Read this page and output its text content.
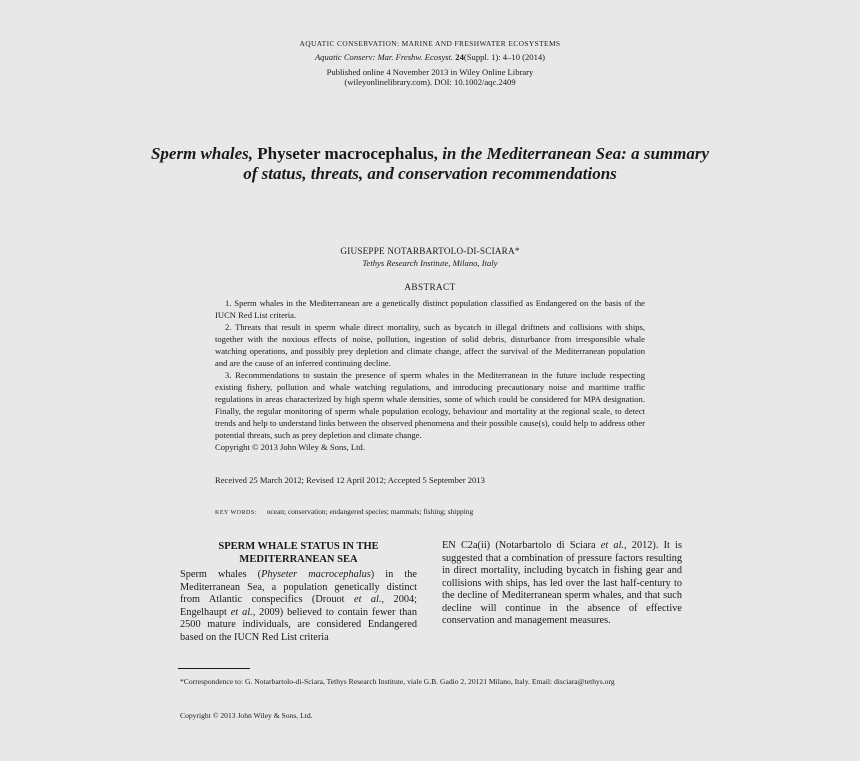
AQUATIC CONSERVATION: MARINE AND FRESHWATER ECOSYSTEMS
Aquatic Conserv: Mar. Freshw. Ecosyst. 24(Suppl. 1): 4–10 (2014)
Published online 4 November 2013 in Wiley Online Library
(wileyonlinelibrary.com). DOI: 10.1002/aqc.2409
Sperm whales, Physeter macrocephalus, in the Mediterranean Sea: a summary of status, threats, and conservation recommendations
GIUSEPPE NOTARBARTOLO-DI-SCIARA*
Tethys Research Institute, Milano, Italy
ABSTRACT

1. Sperm whales in the Mediterranean are a genetically distinct population classified as Endangered on the basis of the IUCN Red List criteria.

2. Threats that result in sperm whale direct mortality, such as bycatch in illegal driftnets and collisions with ships, together with the noxious effects of noise, pollution, ingestion of solid debris, disturbance from irresponsible whale watching operations, and possibly prey depletion and climate change, affect the survival of the Mediterranean population and are the cause of an inferred continuing decline.

3. Recommendations to sustain the presence of sperm whales in the Mediterranean in the future include respecting existing fishery, pollution and whale watching regulations, and introducing precautionary noise and maritime traffic regulations in areas characterized by high sperm whale densities, some of which could be considered for MPA designation. Finally, the regular monitoring of sperm whale population ecology, behaviour and mortality at the regional scale, to detect trends and help to understand links between the observed phenomena and their possible cause(s), could help to address other potential threats, such as prey depletion and climate change.

Copyright © 2013 John Wiley & Sons, Ltd.

Received 25 March 2012; Revised 12 April 2012; Accepted 5 September 2013
KEY WORDS: ocean; conservation; endangered species; mammals; fishing; shipping
SPERM WHALE STATUS IN THE MEDITERRANEAN SEA

Sperm whales (Physeter macrocephalus) in the Mediterranean Sea, a population genetically distinct from Atlantic conspecifics (Drouot et al., 2004; Engelhaupt et al., 2009) believed to contain fewer than 2500 mature individuals, are considered Endangered based on the IUCN Red List criteria

EN C2a(ii) (Notarbartolo di Sciara et al., 2012). It is suggested that a combination of pressure factors resulting in direct mortality, including bycatch in fishing gear and collisions with ships, has led over the last half-century to the decline of Mediterranean sperm whales, and that such decline will continue in the absence of effective conservation and management measures.

*Correspondence to: G. Notarbartolo-di-Sciara, Tethys Research Institute, viale G.B. Gadio 2, 20121 Milano, Italy. Email: disciara@tethys.org
Copyright © 2013 John Wiley & Sons, Ltd.
